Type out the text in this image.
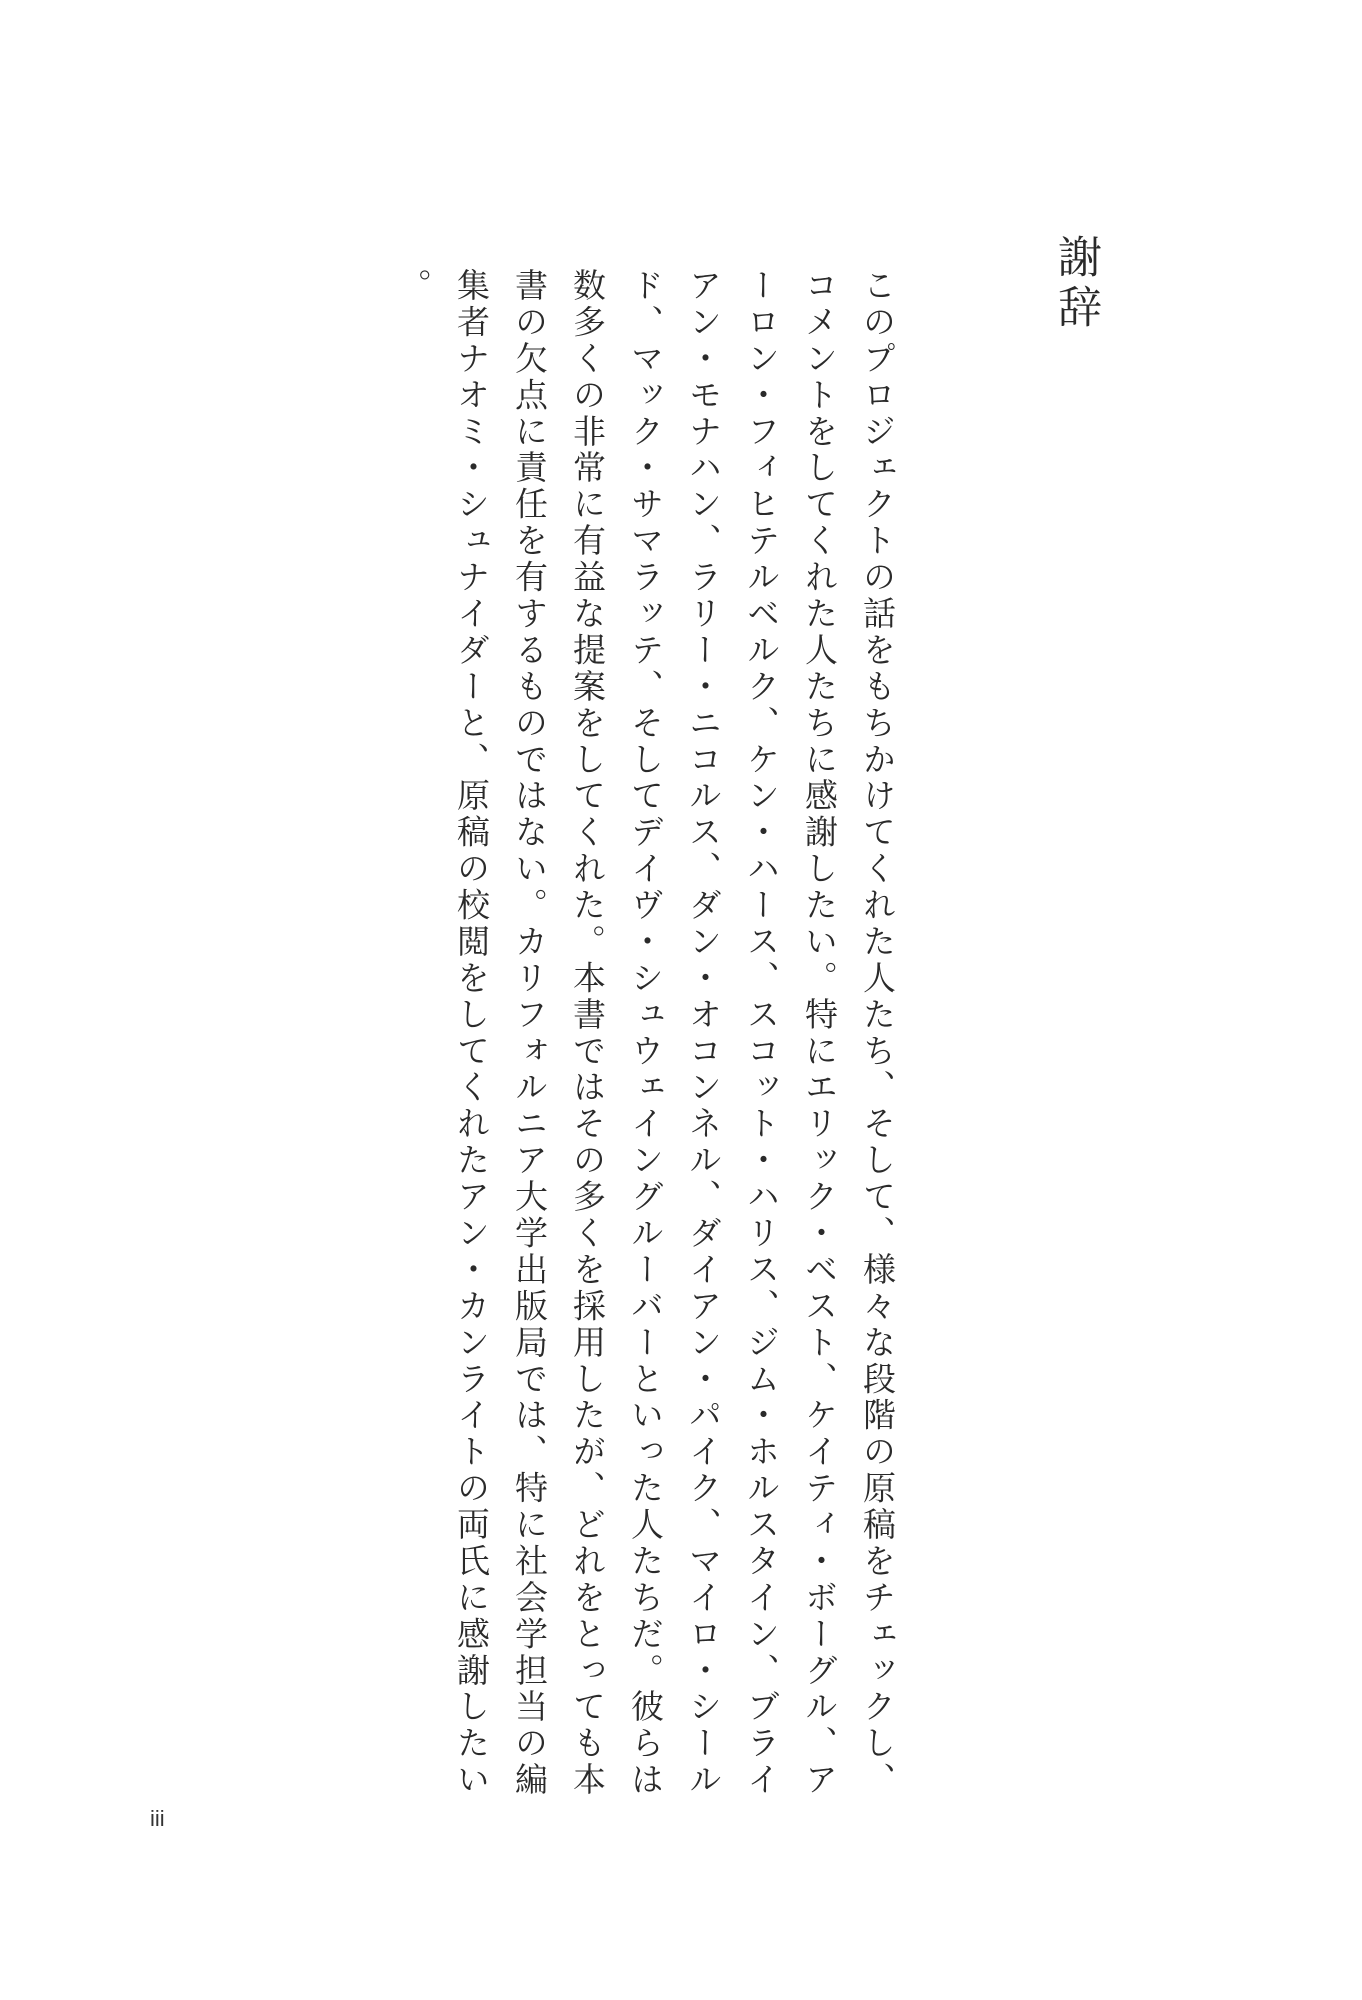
謝辞

このプロジェクトの話をもちかけてくれた人たち、そして、様々な段階の原稿をチェックし、コメントをしてくれた人たちに感謝したい。特にエリック・ベスト、ケイティ・ボーグル、アーロン・フィヒテルベルク、ケン・ハース、スコット・ハリス、ジム・ホルスタイン、ブライアン・モナハン、ラリー・ニコルス、ダン・オコンネル、ダイアン・パイク、マイロ・シールド、マック・サマラッテ、そしてデイヴ・シュウェイングルーバーといった人たちだ。彼らは数多くの非常に有益な提案をしてくれた。本書ではその多くを採用したが、どれをとっても本書の欠点に責任を有するものではない。カリフォルニア大学出版局では、特に社会学担当の編集者ナオミ・シュナイダーと、原稿の校閲をしてくれたアン・カンライトの両氏に感謝したい。

iii
